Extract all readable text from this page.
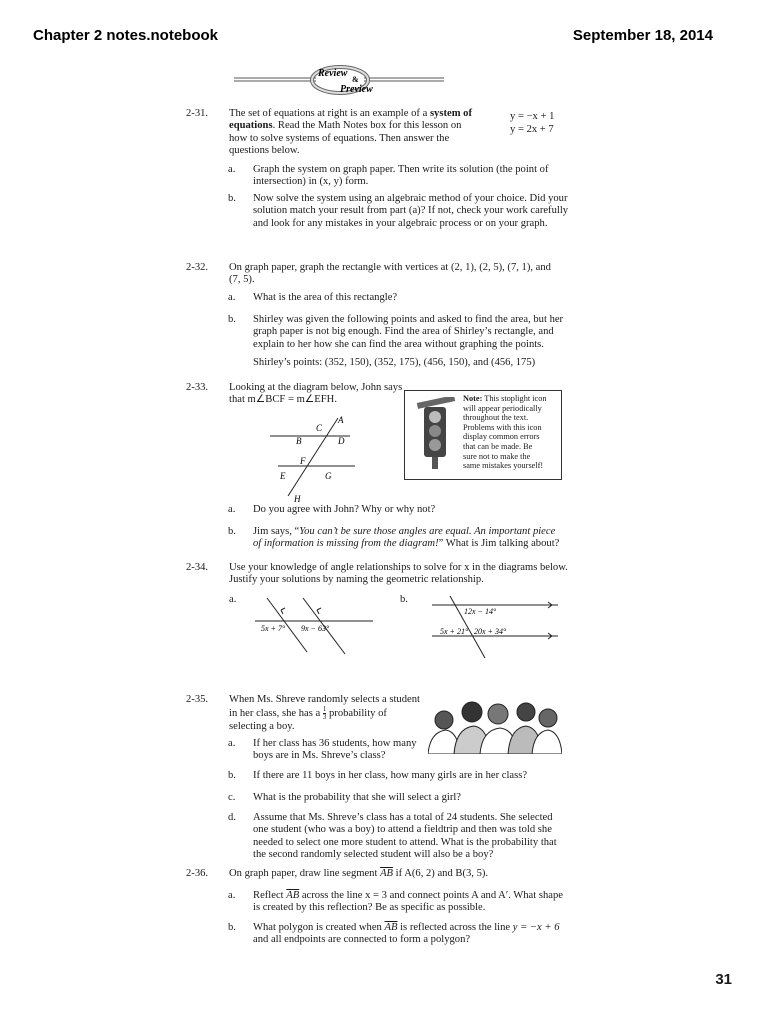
Chapter 2 notes.notebook	September 18, 2014
Review
&
Preview
2-31. The set of equations at right is an example of a system of
equations. Read the Math Notes box for this lesson on
how to solve systems of equations. Then answer the
questions below.
y = −x + 1
y = 2x + 7
a.	Graph the system on graph paper. Then write its solution (the point of
intersection) in (x, y) form.
b.	Now solve the system using an algebraic method of your choice. Did your
solution match your result from part (a)? If not, check your work carefully
and look for any mistakes in your algebraic process or on your graph.
2-32. On graph paper, graph the rectangle with vertices at (2, 1), (2, 5), (7, 1), and
(7, 5).
a.	What is the area of this rectangle?
b.	Shirley was given the following points and asked to find the area, but her
graph paper is not big enough. Find the area of Shirley’s rectangle, and
explain to her how she can find the area without graphing the points.
Shirley’s points: (352, 150), (352, 175), (456, 150), and (456, 175)
2-33. Looking at the diagram below, John says
that m∠BCF = m∠EFH.
A
C
B	D
F
E	G
H
Note: This stoplight icon
will appear periodically
throughout the text.
Problems with this icon
display common errors
that can be made. Be
sure not to make the
same mistakes yourself!
a.	Do you agree with John? Why or why not?
b.	Jim says, “You can’t be sure those angles are equal. An important piece
of information is missing from the diagram!” What is Jim talking about?
2-34. Use your knowledge of angle relationships to solve for x in the diagrams below.
Justify your solutions by naming the geometric relationship.
a.
5x + 7° 9x − 63°
b.
12x − 14°
5x + 21° 20x + 34°
2-35. When Ms. Shreve randomly selects a student
in her class, she has a $\frac{1}{3}$ probability of
selecting a boy.
a.	If her class has 36 students, how many
boys are in Ms. Shreve’s class?
b.	If there are 11 boys in her class, how many girls are in her class?
c.	What is the probability that she will select a girl?
d.	Assume that Ms. Shreve’s class has a total of 24 students. She selected
one student (who was a boy) to attend a fieldtrip and then was told she
needed to select one more student to attend. What is the probability that
the second randomly selected student will also be a boy?
2-36. On graph paper, draw line segment $\overline{AB}$ if A(6, 2) and B(3, 5).
a.	Reflect $\overline{AB}$ across the line x = 3 and connect points A and A′. What shape
is created by this reflection? Be as specific as possible.
b.	What polygon is created when $\overline{AB}$ is reflected across the line y = −x + 6
and all endpoints are connected to form a polygon?
31
